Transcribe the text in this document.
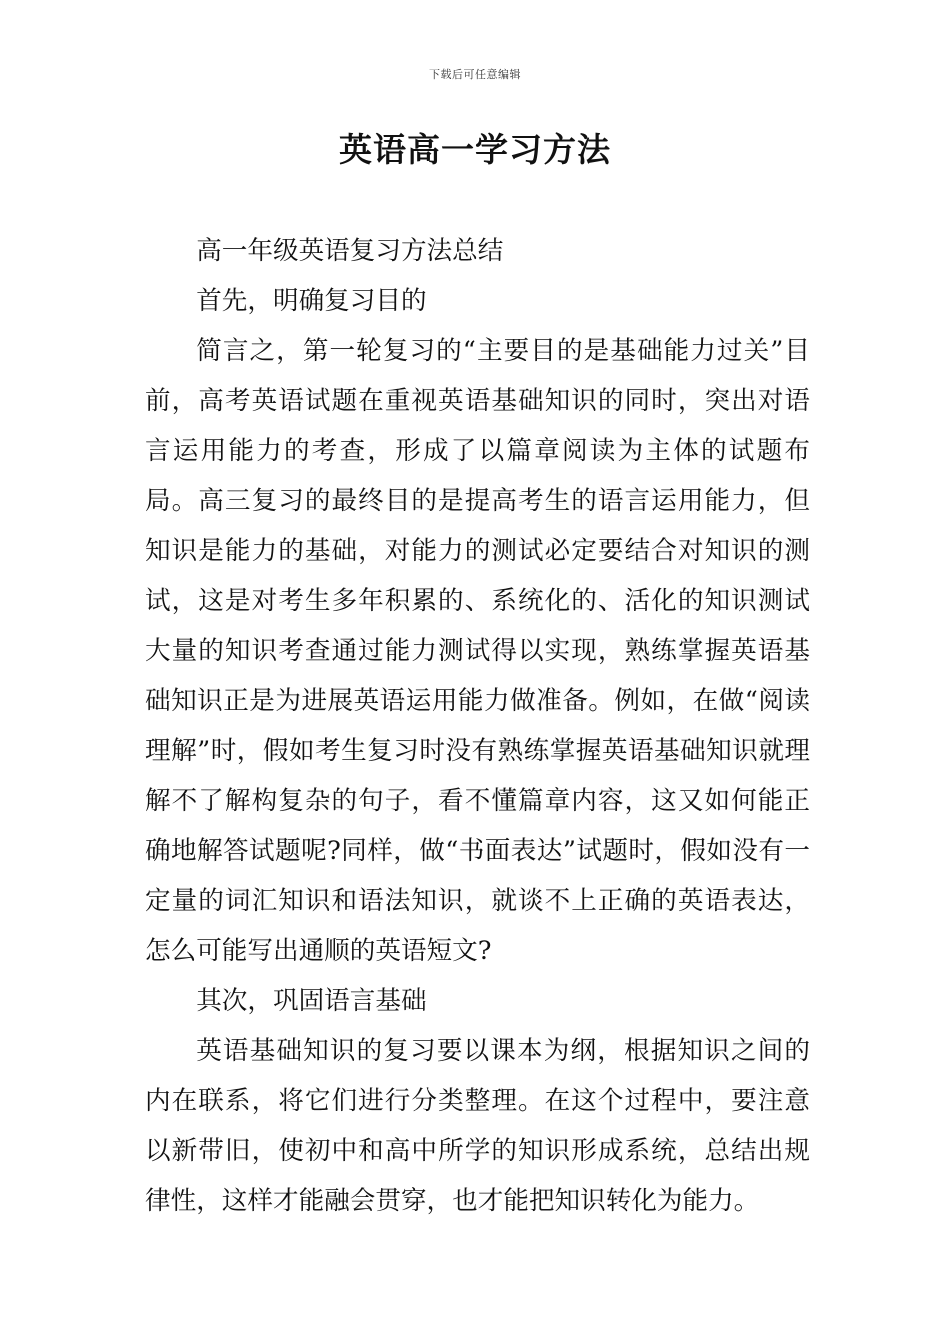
下载后可任意编辑
英语高一学习方法

高一年级英语复习方法总结

首先，明确复习目的

简言之，第一轮复习的“主要目的是基础能力过关”目前，高考英语试题在重视英语基础知识的同时，突出对语言运用能力的考查，形成了以篇章阅读为主体的试题布局。高三复习的最终目的是提高考生的语言运用能力，但知识是能力的基础，对能力的测试必定要结合对知识的测试，这是对考生多年积累的、系统化的、活化的知识测试大量的知识考查通过能力测试得以实现，熟练掌握英语基础知识正是为进展英语运用能力做准备。例如，在做“阅读理解”时，假如考生复习时没有熟练掌握英语基础知识就理解不了解构复杂的句子，看不懂篇章内容，这又如何能正确地解答试题呢?同样，做“书面表达”试题时，假如没有一定量的词汇知识和语法知识，就谈不上正确的英语表达，怎么可能写出通顺的英语短文?

其次，巩固语言基础

英语基础知识的复习要以课本为纲，根据知识之间的内在联系，将它们进行分类整理。在这个过程中，要注意以新带旧，使初中和高中所学的知识形成系统，总结出规律性，这样才能融会贯穿，也才能把知识转化为能力。
